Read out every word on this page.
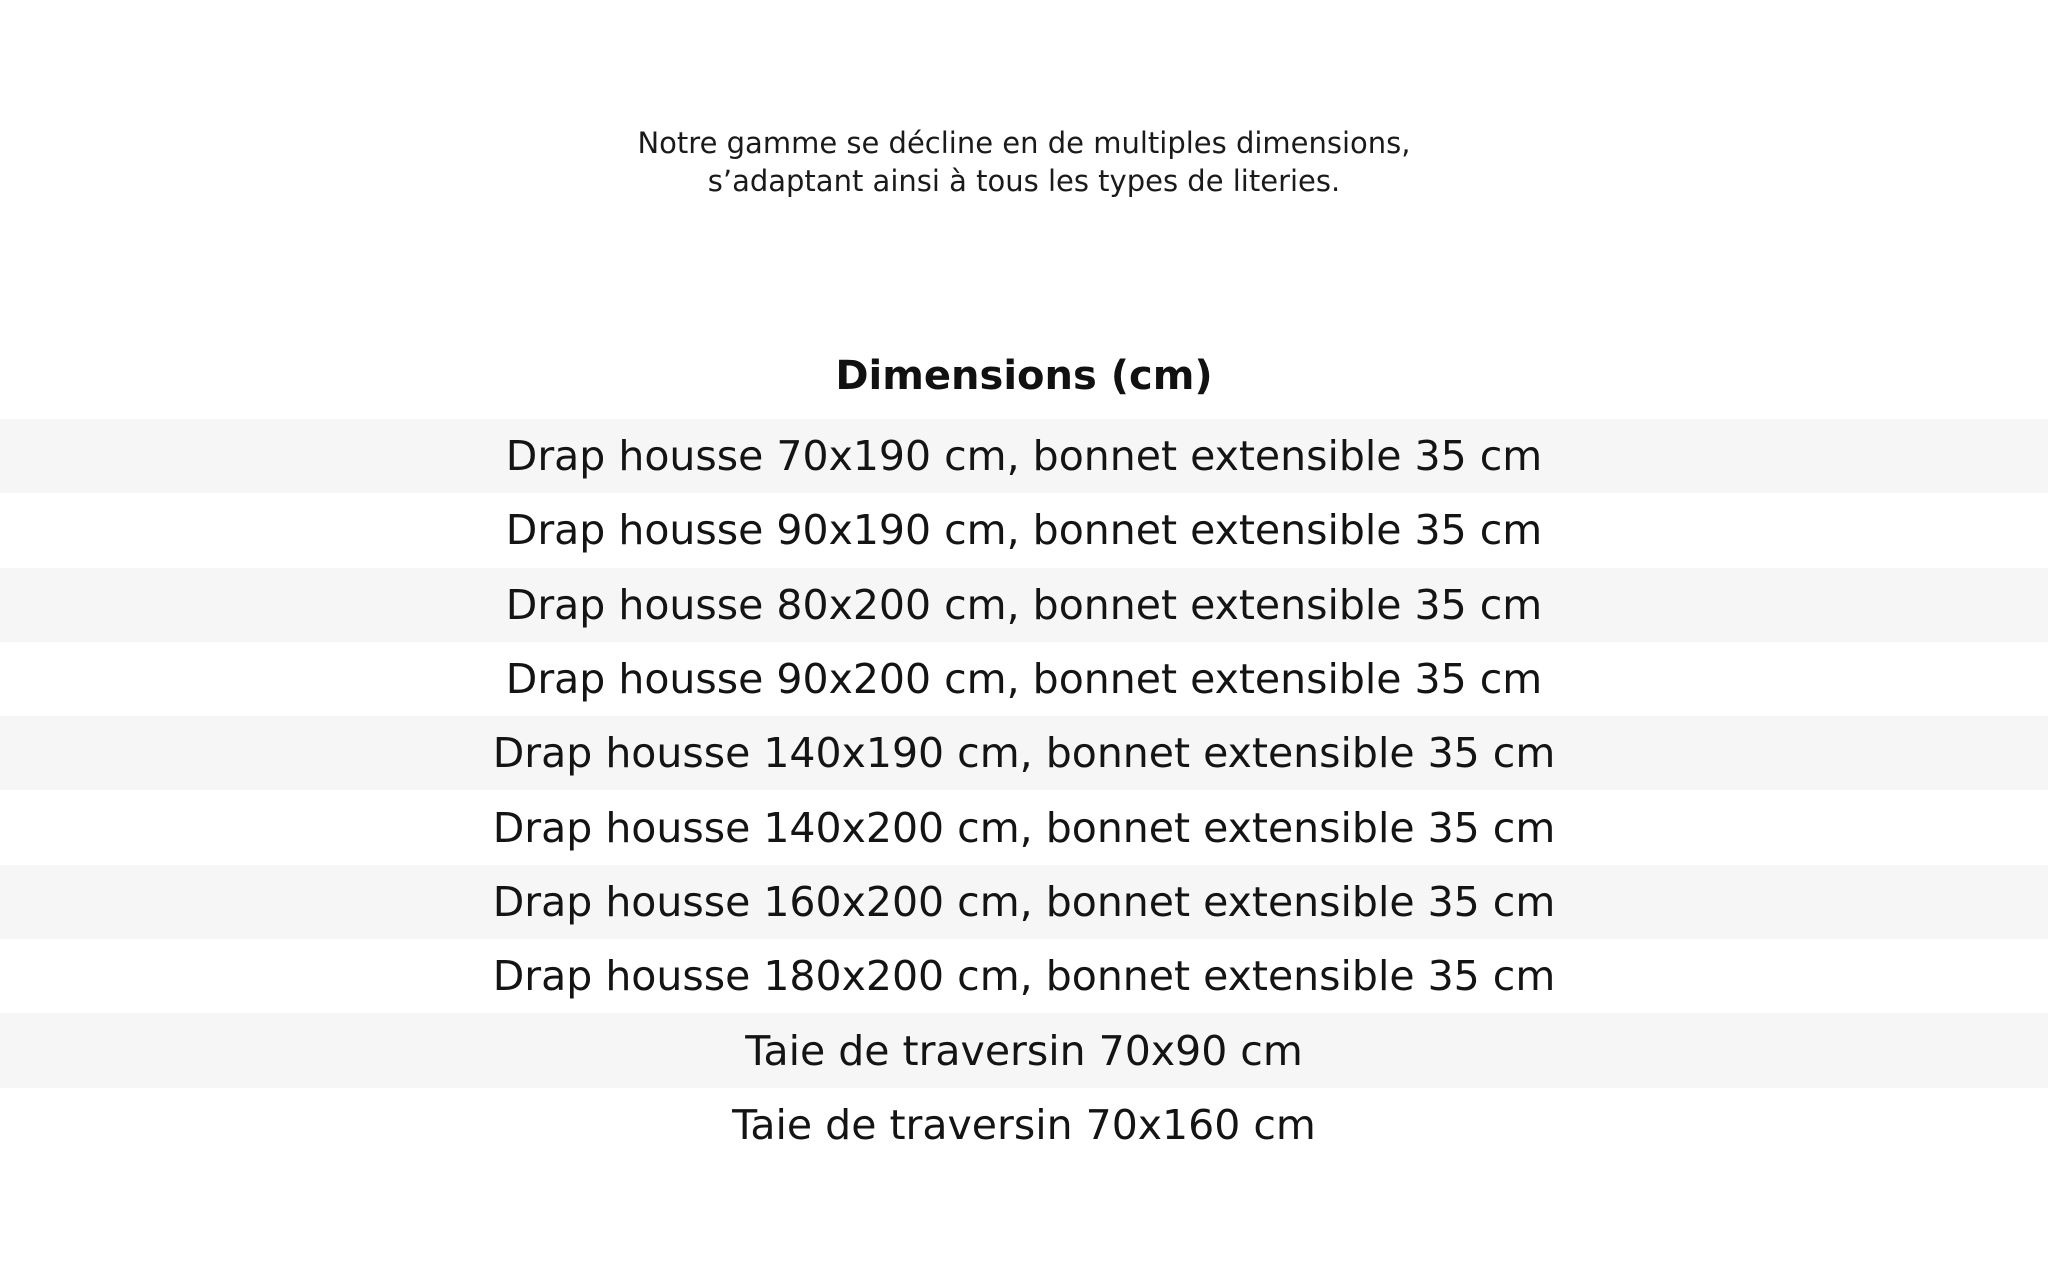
Notre gamme se décline en de multiples dimensions,
s’adaptant ainsi à tous les types de literies.
Dimensions (cm)
Drap housse 70x190 cm, bonnet extensible 35 cm
Drap housse 90x190 cm, bonnet extensible 35 cm
Drap housse 80x200 cm, bonnet extensible 35 cm
Drap housse 90x200 cm, bonnet extensible 35 cm
Drap housse 140x190 cm, bonnet extensible 35 cm
Drap housse 140x200 cm, bonnet extensible 35 cm
Drap housse 160x200 cm, bonnet extensible 35 cm
Drap housse 180x200 cm, bonnet extensible 35 cm
Taie de traversin 70x90 cm
Taie de traversin 70x160 cm
